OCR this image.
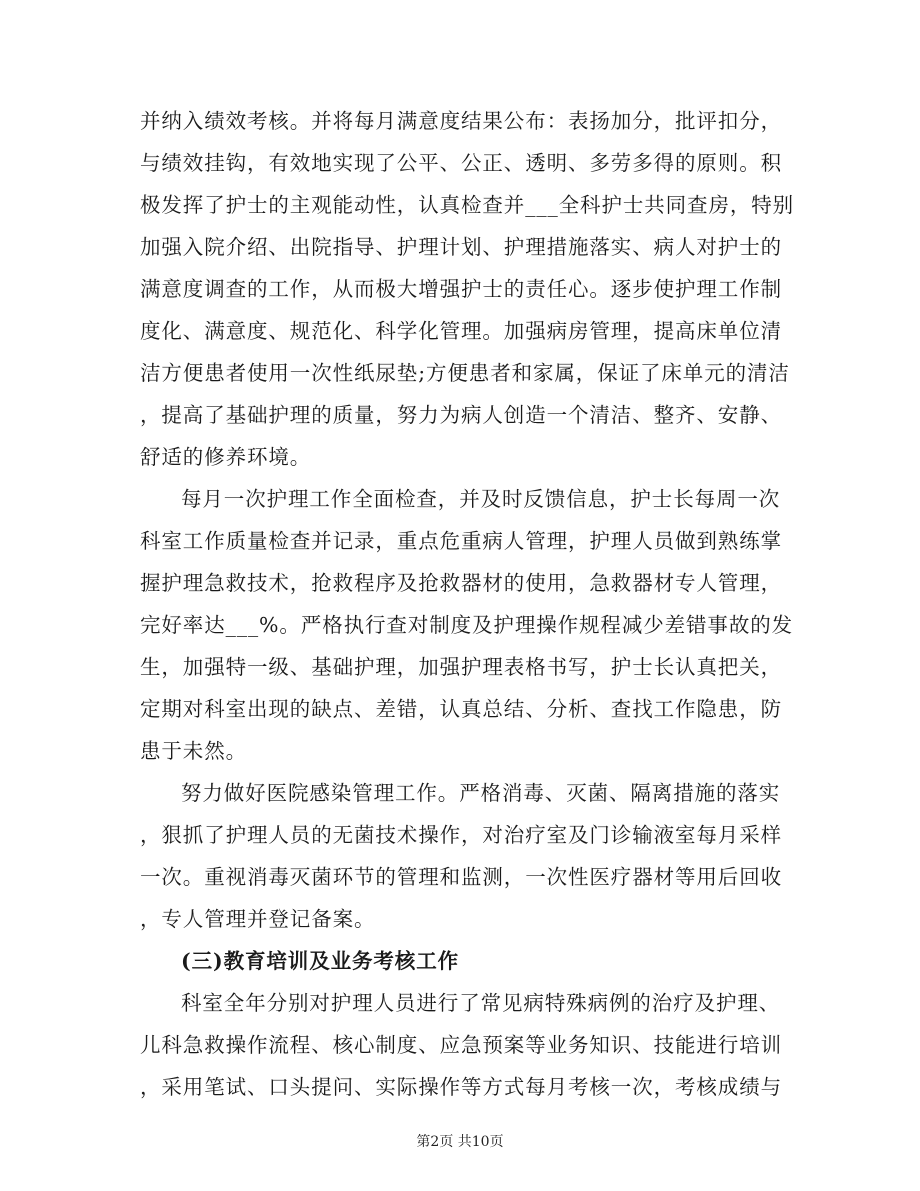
并纳入绩效考核。并将每月满意度结果公布：表扬加分，批评扣分，
与绩效挂钩，有效地实现了公平、公正、透明、多劳多得的原则。积
极发挥了护士的主观能动性，认真检查并___全科护士共同查房，特别
加强入院介绍、出院指导、护理计划、护理措施落实、病人对护士的
满意度调查的工作，从而极大增强护士的责任心。逐步使护理工作制
度化、满意度、规范化、科学化管理。加强病房管理，提高床单位清
洁方便患者使用一次性纸尿垫;方便患者和家属，保证了床单元的清洁
，提高了基础护理的质量，努力为病人创造一个清洁、整齐、安静、
舒适的修养环境。
每月一次护理工作全面检查，并及时反馈信息，护士长每周一次
科室工作质量检查并记录，重点危重病人管理，护理人员做到熟练掌
握护理急救技术，抢救程序及抢救器材的使用，急救器材专人管理，
完好率达___%。严格执行查对制度及护理操作规程减少差错事故的发
生，加强特一级、基础护理，加强护理表格书写，护士长认真把关，
定期对科室出现的缺点、差错，认真总结、分析、查找工作隐患，防
患于未然。
努力做好医院感染管理工作。严格消毒、灭菌、隔离措施的落实
，狠抓了护理人员的无菌技术操作，对治疗室及门诊输液室每月采样
一次。重视消毒灭菌环节的管理和监测，一次性医疗器材等用后回收
，专人管理并登记备案。
(三)教育培训及业务考核工作
科室全年分别对护理人员进行了常见病特殊病例的治疗及护理、
儿科急救操作流程、核心制度、应急预案等业务知识、技能进行培训
，采用笔试、口头提问、实际操作等方式每月考核一次，考核成绩与
第2页 共10页
